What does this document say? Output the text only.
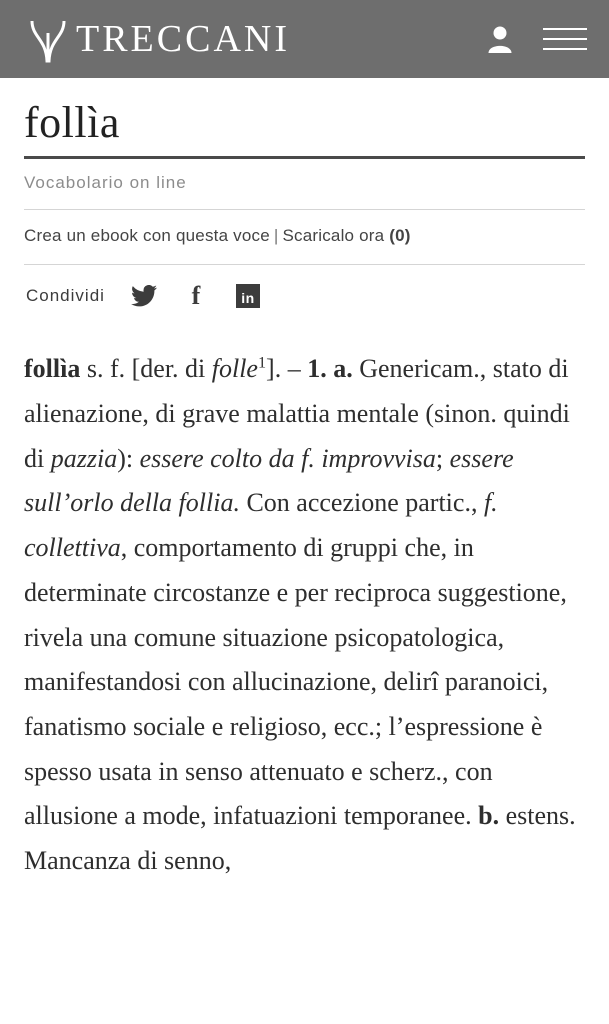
TRECCANI
follìa
Vocabolario on line
Crea un ebook con questa voce | Scaricalo ora (0)
Condividi	f	in
follìa s. f. [der. di folle$^1$]. – 1. a. Genericam., stato di alienazione, di grave malattia mentale (sinon. quindi di pazzia): essere colto da f. improvvisa; essere sull’orlo della follia. Con accezione partic., f. collettiva, comportamento di gruppi che, in determinate circostanze e per reciproca suggestione, rivela una comune situazione psicopatologica, manifestandosi con allucinazione, delirî paranoici, fanatismo sociale e religioso, ecc.; l’espressione è spesso usata in senso attenuato e scherz., con allusione a mode, infatuazioni temporanee. b. estens. Mancanza di senno,
